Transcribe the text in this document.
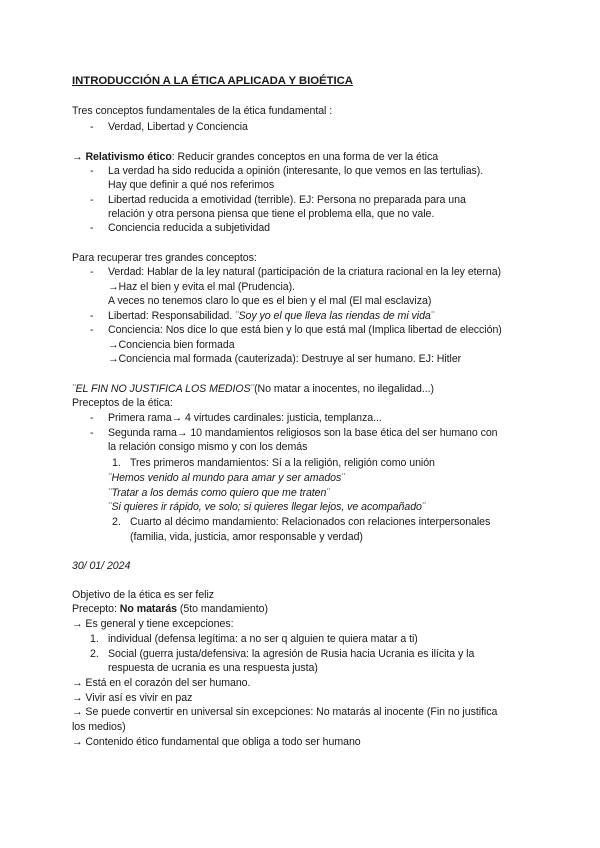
INTRODUCCIÓN A LA ÉTICA APLICADA Y BIOÉTICA
Tres conceptos fundamentales de la ética fundamental :
- Verdad, Libertad y Conciencia
→ Relativismo ético: Reducir grandes conceptos en una forma de ver la ética
- La verdad ha sido reducida a opinión (interesante, lo que vemos en las tertulias).
Hay que definir a qué nos referimos
- Libertad reducida a emotividad (terrible). EJ: Persona no preparada para una
relación y otra persona piensa que tiene el problema ella, que no vale.
- Conciencia reducida a subjetividad
Para recuperar tres grandes conceptos:
- Verdad: Hablar de la ley natural (participación de la criatura racional en la ley eterna)
→Haz el bien y evita el mal (Prudencia).
A veces no tenemos claro lo que es el bien y el mal (El mal esclaviza)
- Libertad: Responsabilidad. ¨Soy yo el que lleva las riendas de mi vida¨
- Conciencia: Nos dice lo que está bien y lo que está mal (Implica libertad de elección)
→Conciencia bien formada
→Conciencia mal formada (cauterizada): Destruye al ser humano. EJ: Hitler
¨EL FIN NO JUSTIFICA LOS MEDIOS¨(No matar a inocentes, no ilegalidad...)
Preceptos de la ética:
- Primera rama→ 4 virtudes cardinales: justicia, templanza...
- Segunda rama→ 10 mandamientos religiosos son la base ética del ser humano con
la relación consigo mismo y con los demás
1. Tres primeros mandamientos: Sí a la religión, religión como unión
¨Hemos venido al mundo para amar y ser amados¨
¨Tratar a los demás como quiero que me traten¨
¨Si quieres ir rápido, ve solo; si quieres llegar lejos, ve acompañado¨
2. Cuarto al décimo mandamiento: Relacionados con relaciones interpersonales
(familia, vida, justicia, amor responsable y verdad)
30/ 01/ 2024
Objetivo de la ética es ser feliz
Precepto: No matarás (5to mandamiento)
→ Es general y tiene excepciones:
1. individual (defensa legítima: a no ser q alguien te quiera matar a ti)
2. Social (guerra justa/defensiva: la agresión de Rusia hacia Ucrania es ilícita y la
respuesta de ucrania es una respuesta justa)
→ Está en el corazón del ser humano.
→ Vivir así es vivir en paz
→ Se puede convertir en universal sin excepciones: No matarás al inocente (Fin no justifica
los medios)
→ Contenido ético fundamental que obliga a todo ser humano
